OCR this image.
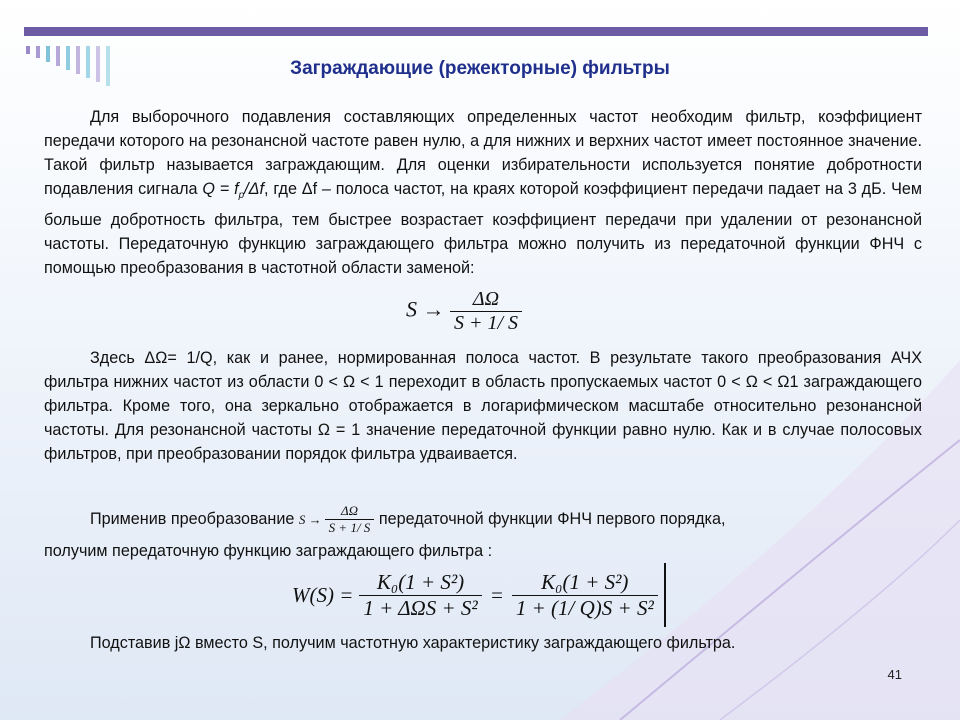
Заграждающие (режекторные) фильтры

Для выборочного подавления составляющих определенных частот необходим фильтр, коэффициент передачи которого на резонансной частоте равен нулю, а для нижних и верхних частот имеет постоянное значение. Такой фильтр называется заграждающим. Для оценки избирательности используется понятие добротности подавления сигнала $Q = f_р/\Delta f$, где Δf – полоса частот, на краях которой коэффициент передачи падает на 3 дБ. Чем больше добротность фильтра, тем быстрее возрастает коэффициент передачи при удалении от резонансной частоты. Передаточную функцию заграждающего фильтра можно получить из передаточной функции ФНЧ с помощью преобразования в частотной области заменой:

$S \to \frac{\Delta\Omega}{S + 1/ S}$

Здесь ΔΩ= 1/Q, как и ранее, нормированная полоса частот. В результате такого преобразования АЧХ фильтра нижних частот из области 0 < Ω < 1 переходит в область пропускаемых частот 0 < Ω < Ω1 заграждающего фильтра. Кроме того, она зеркально отображается в логарифмическом масштабе относительно резонансной частоты. Для резонансной частоты Ω = 1 значение передаточной функции равно нулю. Как и в случае полосовых фильтров, при преобразовании порядок фильтра удваивается.

Применив преобразование $S \to \frac{\Delta\Omega}{S + 1/ S}$ передаточной функции ФНЧ первого порядка,
получим передаточную функцию заграждающего фильтра :
$W(S) = \frac{\text{K₀(1 + S²)}}{\text{1 + ΔΩS + S²}} = \frac{\text{K₀(1 + S²)}}{\text{1 + (1/ Q)S + S²}}$
Подставив jΩ вместо S, получим частотную характеристику заграждающего фильтра.
41
